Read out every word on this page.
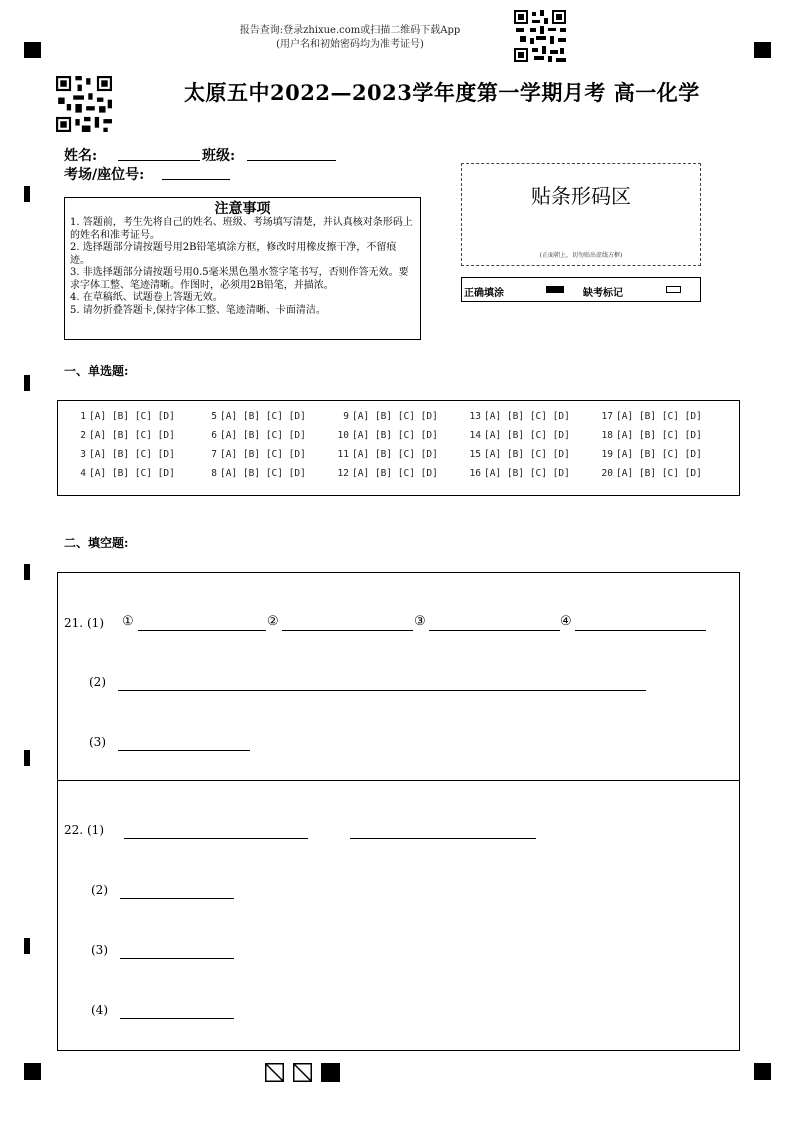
报告查询:登录zhixue.com或扫描二维码下载App
(用户名和初始密码均为准考证号)
太原五中2022—2023学年度第一学期月考 高一化学
姓名:	班级:
考场/座位号:
注意事项
1. 答题前，考生先将自己的姓名、班级、考场填写清楚，并认真核对条形码上的姓名和准考证号。
2. 选择题部分请按题号用2B铅笔填涂方框，修改时用橡皮擦干净，不留痕迹。
3. 非选择题部分请按题号用0.5毫米黑色墨水签字笔书写，否则作答无效。要求字体工整、笔迹清晰。作图时，必须用2B铅笔，并描浓。
4. 在草稿纸、试题卷上答题无效。
5. 请勿折叠答题卡,保持字体工整、笔迹清晰、卡面清洁。
贴条形码区
(正面朝上，切勿贴出虚线方框)
正确填涂	缺考标记
一、单选题:
1 [A] [B] [C] [D]
2 [A] [B] [C] [D]
3 [A] [B] [C] [D]
4 [A] [B] [C] [D]
5 [A] [B] [C] [D]
6 [A] [B] [C] [D]
7 [A] [B] [C] [D]
8 [A] [B] [C] [D]
9 [A] [B] [C] [D]
10 [A] [B] [C] [D]
11 [A] [B] [C] [D]
12 [A] [B] [C] [D]
13 [A] [B] [C] [D]
14 [A] [B] [C] [D]
15 [A] [B] [C] [D]
16 [A] [B] [C] [D]
17 [A] [B] [C] [D]
18 [A] [B] [C] [D]
19 [A] [B] [C] [D]
20 [A] [B] [C] [D]
二、填空题:
21. (1) ①	②	③	④
(2)
(3)
22. (1)
(2)
(3)
(4)
